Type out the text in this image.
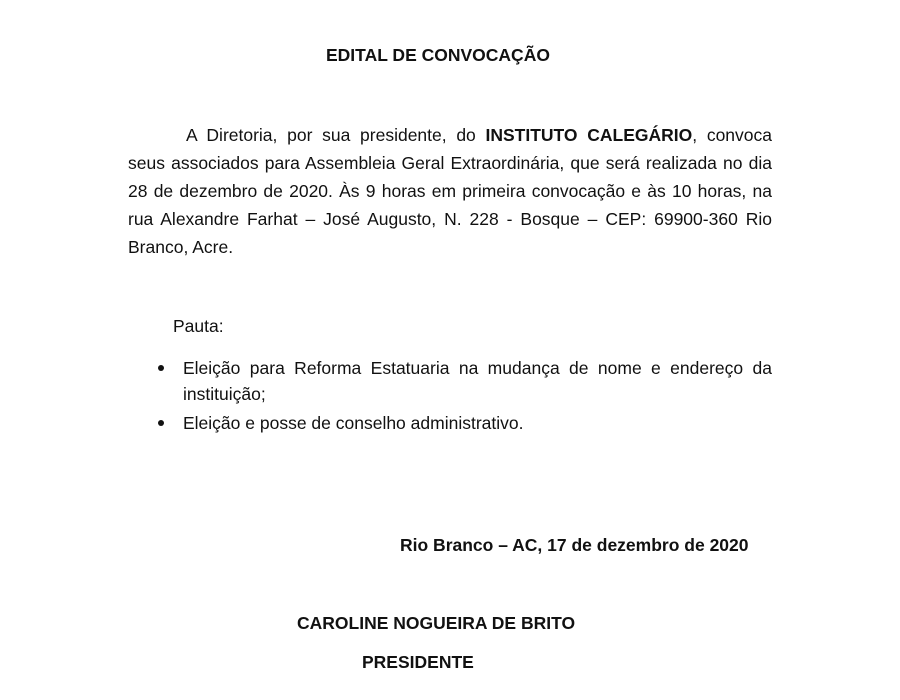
EDITAL DE CONVOCAÇÃO

A Diretoria, por sua presidente, do INSTITUTO CALEGÁRIO, convoca seus associados para Assembleia Geral Extraordinária, que será realizada no dia 28 de dezembro de 2020. Às 9 horas em primeira convocação e às 10 horas, na rua Alexandre Farhat – José Augusto, N. 228 - Bosque – CEP: 69900-360 Rio Branco, Acre.

Pauta:
Eleição para Reforma Estatuaria na mudança de nome e endereço da instituição;
Eleição e posse de conselho administrativo.
Rio Branco – AC, 17 de dezembro de 2020
CAROLINE NOGUEIRA DE BRITO
PRESIDENTE
